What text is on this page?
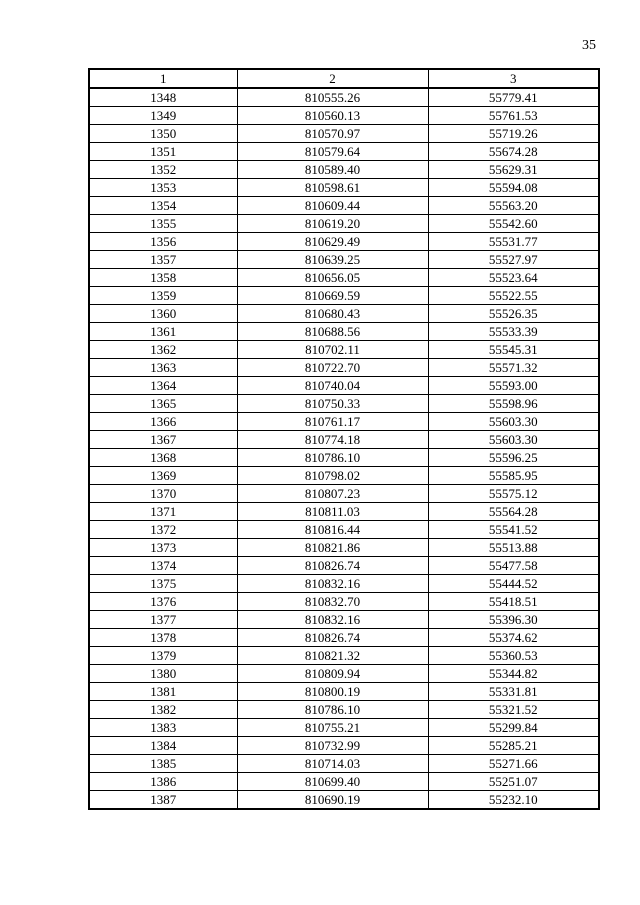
35
1	2	3
1348	810555.26	55779.41
1349	810560.13	55761.53
1350	810570.97	55719.26
1351	810579.64	55674.28
1352	810589.40	55629.31
1353	810598.61	55594.08
1354	810609.44	55563.20
1355	810619.20	55542.60
1356	810629.49	55531.77
1357	810639.25	55527.97
1358	810656.05	55523.64
1359	810669.59	55522.55
1360	810680.43	55526.35
1361	810688.56	55533.39
1362	810702.11	55545.31
1363	810722.70	55571.32
1364	810740.04	55593.00
1365	810750.33	55598.96
1366	810761.17	55603.30
1367	810774.18	55603.30
1368	810786.10	55596.25
1369	810798.02	55585.95
1370	810807.23	55575.12
1371	810811.03	55564.28
1372	810816.44	55541.52
1373	810821.86	55513.88
1374	810826.74	55477.58
1375	810832.16	55444.52
1376	810832.70	55418.51
1377	810832.16	55396.30
1378	810826.74	55374.62
1379	810821.32	55360.53
1380	810809.94	55344.82
1381	810800.19	55331.81
1382	810786.10	55321.52
1383	810755.21	55299.84
1384	810732.99	55285.21
1385	810714.03	55271.66
1386	810699.40	55251.07
1387	810690.19	55232.10
